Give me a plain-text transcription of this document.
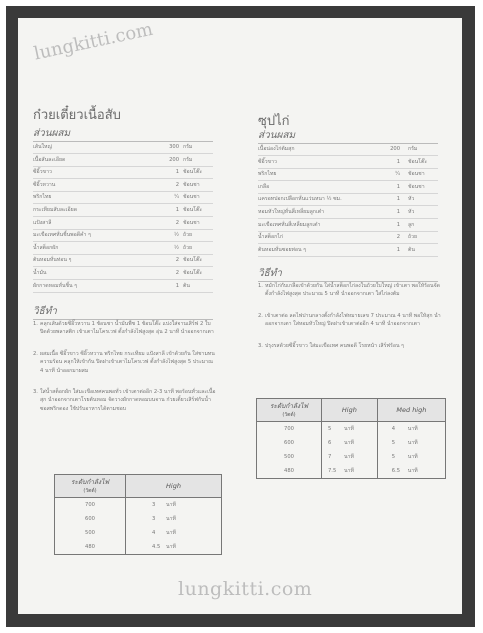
lungkitti.com
ก๋วยเตี๋ยวเนื้อสับ
ส่วนผสม
เส้นใหญ่	300 กรัม
เนื้อสันละเอียด	200 กรัม
ซีอิ๊วขาว	1 ช้อนโต๊ะ
ซีอิ๊วหวาน	2 ช้อนชา
พริกไทย	¼ ช้อนชา
กระเทียมสับละเอียด	1 ช้อนโต๊ะ
แป้งสาลี	2 ช้อนชา
มะเขือเทศหั่นชิ้นพอดีคำ ๆ	½ ถ้วย
น้ำสต็อกผัก	½ ถ้วย
ต้นหอมหั่นท่อน ๆ	2 ช้อนโต๊ะ
น้ำมัน	2 ช้อนโต๊ะ
ผักกาดหอมหั่นชิ้น ๆ	1 ต้น
วิธีทำ
1. คลุกเส้นด้วยซีอิ๊วหวาน 1 ช้อนชา น้ำมันพืช 1 ช้อนโต๊ะ แบ่งใส่จานเสิร์ฟ 2 ใบ ปิดด้วยพลาสติก เข้าเตาไมโครเวฟ ตั้งกำลังไฟสูงสุด อุ่น 2 นาที นำออกจากเตา
2. ผสมเนื้อ ซีอิ๊วขาว ซีอิ๊วหวาน พริกไทย กระเทียม แป้งสาลี เข้าด้วยกัน ใส่ชามทนความร้อน คลุกให้เข้ากัน ปิดฝาเข้าเตาไมโครเวฟ ตั้งกำลังไฟสูงสุด 5 ประมาณ 4 นาที นำออกมาผสม
3. ใส่น้ำสต็อกผัก ใส่มะเขือเทศคนพอทั่ว เข้าเตาต่ออีก 2-3 นาที พอร้อนทั่วและเนื้อสุก นำออกจากเตาโรยต้นหอม จัดวางผักกาดหอมบนจาน ก๋วยเตี๋ยวเสิร์ฟกับน้ำซอสพริกดอง ใช้ปรับอาหารได้ตามชอบ
ระดับกำลังไฟ
(วัตต์)	High
700	3 นาที
600	3 นาที
500	4 นาที
480	4.5 นาที
ซุปไก่
ส่วนผสม
เนื้อน่องไก่ต้มสุก	200 กรัม
ซีอิ๊วขาว	1 ช้อนโต๊ะ
พริกไทย	¼ ช้อนชา
เกลือ	1 ช้อนชา
แครอทปอกเปลือกหั่นแว่นหนา ½ ซม.	1 หัว
หอมหัวใหญ่หั่นสี่เหลี่ยมลูกเต๋า	1 หัว
มะเขือเทศหั่นสี่เหลี่ยมลูกเต๋า	1 ลูก
น้ำสต็อกไก่	2 ถ้วย
ต้นหอมหั่นซอยท่อน ๆ	1 ต้น
วิธีทำ
1. หมักไก่กับเกลือเข้าด้วยกัน ใส่น้ำสต็อกไก่ลงในถ้วยใบใหญ่ เข้าเตา พอให้ร้อนจัด ตั้งกำลังไฟสูงสุด ประมาณ 5 นาที นำออกจากเตา ใส่ไก่ลงต้ม
2. เข้าเตาต่อ ลดไฟปานกลางตั้งกำลังไฟหมายเลข 7 ประมาณ 4 นาที พอให้สุก นำออกจากเตา ใส่หอมหัวใหญ่ ปิดฝาเข้าเตาต่ออีก 4 นาที นำออกจากเตา
3. ปรุงรสด้วยซีอิ๊วขาว ใส่มะเขือเทศ คนพอดี โรยหน้า เสิร์ฟร้อน ๆ
ระดับกำลังไฟ
(วัตต์)	High	Med high
700	5 นาที	4 นาที
600	6 นาที	5 นาที
500	7 นาที	5 นาที
480	7.5 นาที	6.5 นาที
lungkitti.com
